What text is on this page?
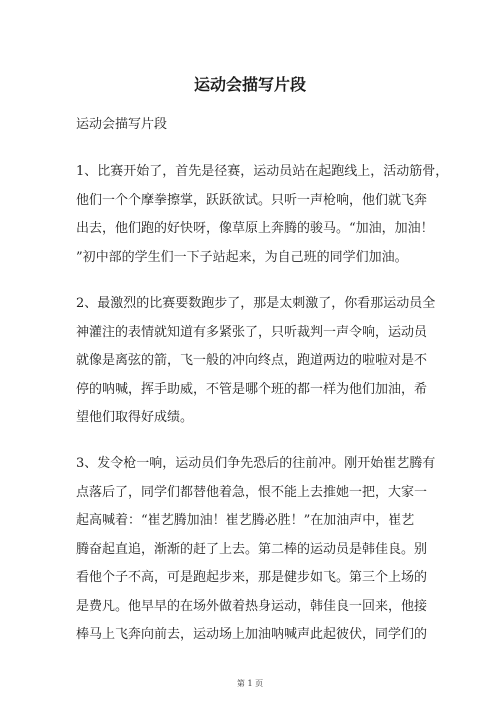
运动会描写片段
运动会描写片段
1、比赛开始了，首先是径赛，运动员站在起跑线上，活动筋骨，
他们一个个摩拳擦掌，跃跃欲试。只听一声枪响，他们就飞奔
出去，他们跑的好快呀，像草原上奔腾的骏马。“加油，加油！
”初中部的学生们一下子站起来，为自己班的同学们加油。
2、最激烈的比赛要数跑步了，那是太刺激了，你看那运动员全
神灌注的表情就知道有多紧张了，只听裁判一声令响，运动员
就像是离弦的箭，飞一般的冲向终点，跑道两边的啦啦对是不
停的呐喊，挥手助威，不管是哪个班的都一样为他们加油，希
望他们取得好成绩。
3、发令枪一响，运动员们争先恐后的往前冲。刚开始崔艺腾有
点落后了，同学们都替他着急，恨不能上去推她一把，大家一
起高喊着：“崔艺腾加油！崔艺腾必胜！”在加油声中，崔艺
腾奋起直追，渐渐的赶了上去。第二棒的运动员是韩佳良。别
看他个子不高，可是跑起步来，那是健步如飞。第三个上场的
是费凡。他早早的在场外做着热身运动，韩佳良一回来，他接
棒马上飞奔向前去，运动场上加油呐喊声此起彼伏，同学们的
第 1 页
